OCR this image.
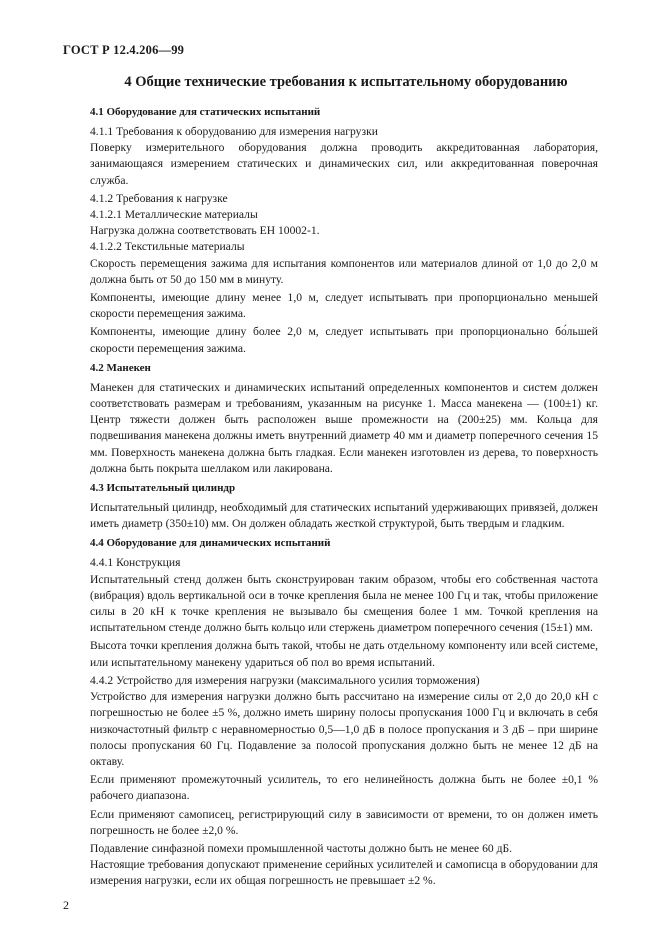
ГОСТ Р 12.4.206—99
4 Общие технические требования к испытательному оборудованию

4.1 Оборудование для статических испытаний

4.1.1 Требования к оборудованию для измерения нагрузки

Поверку измерительного оборудования должна проводить аккредитованная лаборатория, занимающаяся измерением статических и динамических сил, или аккредитованная поверочная служба.

4.1.2 Требования к нагрузке

4.1.2.1 Металлические материалы

Нагрузка должна соответствовать ЕН 10002-1.

4.1.2.2 Текстильные материалы

Скорость перемещения зажима для испытания компонентов или материалов длиной от 1,0 до 2,0 м должна быть от 50 до 150 мм в минуту.

Компоненты, имеющие длину менее 1,0 м, следует испытывать при пропорционально меньшей скорости перемещения зажима.

Компоненты, имеющие длину более 2,0 м, следует испытывать при пропорционально бо́льшей скорости перемещения зажима.

4.2 Манекен

Манекен для статических и динамических испытаний определенных компонентов и систем должен соответствовать размерам и требованиям, указанным на рисунке 1. Масса манекена — (100±1) кг. Центр тяжести должен быть расположен выше промежности на (200±25) мм. Кольца для подвешивания манекена должны иметь внутренний диаметр 40 мм и диаметр поперечного сечения 15 мм. Поверхность манекена должна быть гладкая. Если манекен изготовлен из дерева, то поверхность должна быть покрыта шеллаком или лакирована.

4.3 Испытательный цилиндр

Испытательный цилиндр, необходимый для статических испытаний удерживающих привязей, должен иметь диаметр (350±10) мм. Он должен обладать жесткой структурой, быть твердым и гладким.

4.4 Оборудование для динамических испытаний

4.4.1 Конструкция

Испытательный стенд должен быть сконструирован таким образом, чтобы его собственная частота (вибрация) вдоль вертикальной оси в точке крепления была не менее 100 Гц и так, чтобы приложение силы в 20 кН к точке крепления не вызывало бы смещения более 1 мм. Точкой крепления на испытательном стенде должно быть кольцо или стержень диаметром поперечного сечения (15±1) мм.

Высота точки крепления должна быть такой, чтобы не дать отдельному компоненту или всей системе, или испытательному манекену удариться об пол во время испытаний.

4.4.2 Устройство для измерения нагрузки (максимального усилия торможения)

Устройство для измерения нагрузки должно быть рассчитано на измерение силы от 2,0 до 20,0 кН с погрешностью не более ±5 %, должно иметь ширину полосы пропускания 1000 Гц и включать в себя низкочастотный фильтр с неравномерностью 0,5—1,0 дБ в полосе пропускания и 3 дБ – при ширине полосы пропускания 60 Гц. Подавление за полосой пропускания должно быть не менее 12 дБ на октаву.

Если применяют промежуточный усилитель, то его нелинейность должна быть не более ±0,1 % рабочего диапазона.

Если применяют самописец, регистрирующий силу в зависимости от времени, то он должен иметь погрешность не более ±2,0 %.

Подавление синфазной помехи промышленной частоты должно быть не менее 60 дБ.

Настоящие требования допускают применение серийных усилителей и самописца в оборудовании для измерения нагрузки, если их общая погрешность не превышает ±2 %.

2
